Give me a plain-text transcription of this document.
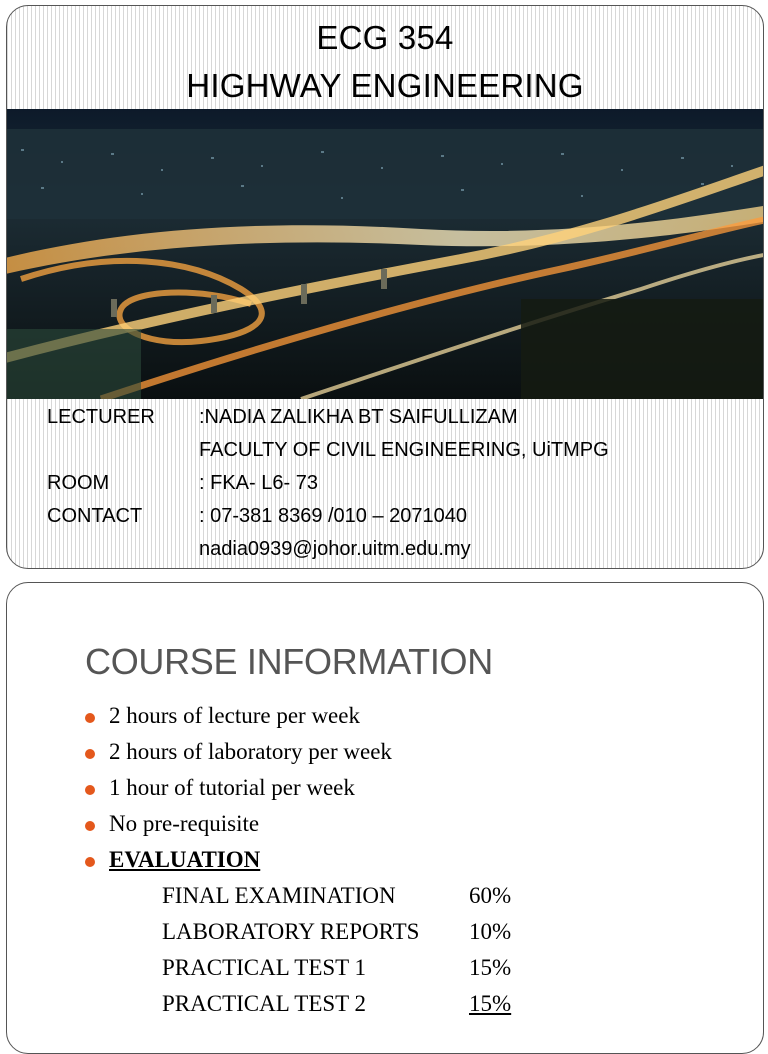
ECG 354
HIGHWAY ENGINEERING
LECTURER :NADIA ZALIKHA BT SAIFULLIZAM
FACULTY OF CIVIL ENGINEERING, UiTMPG
ROOM	: FKA- L6- 73
CONTACT	: 07-381 8369 /010 – 2071040
nadia0939@johor.uitm.edu.my
COURSE INFORMATION
2 hours of lecture per week
2 hours of laboratory per week
1 hour of tutorial per week
No pre-requisite
EVALUATION
FINAL EXAMINATION	60%
LABORATORY REPORTS 10%
PRACTICAL TEST 1	15%
PRACTICAL TEST 2	15%
